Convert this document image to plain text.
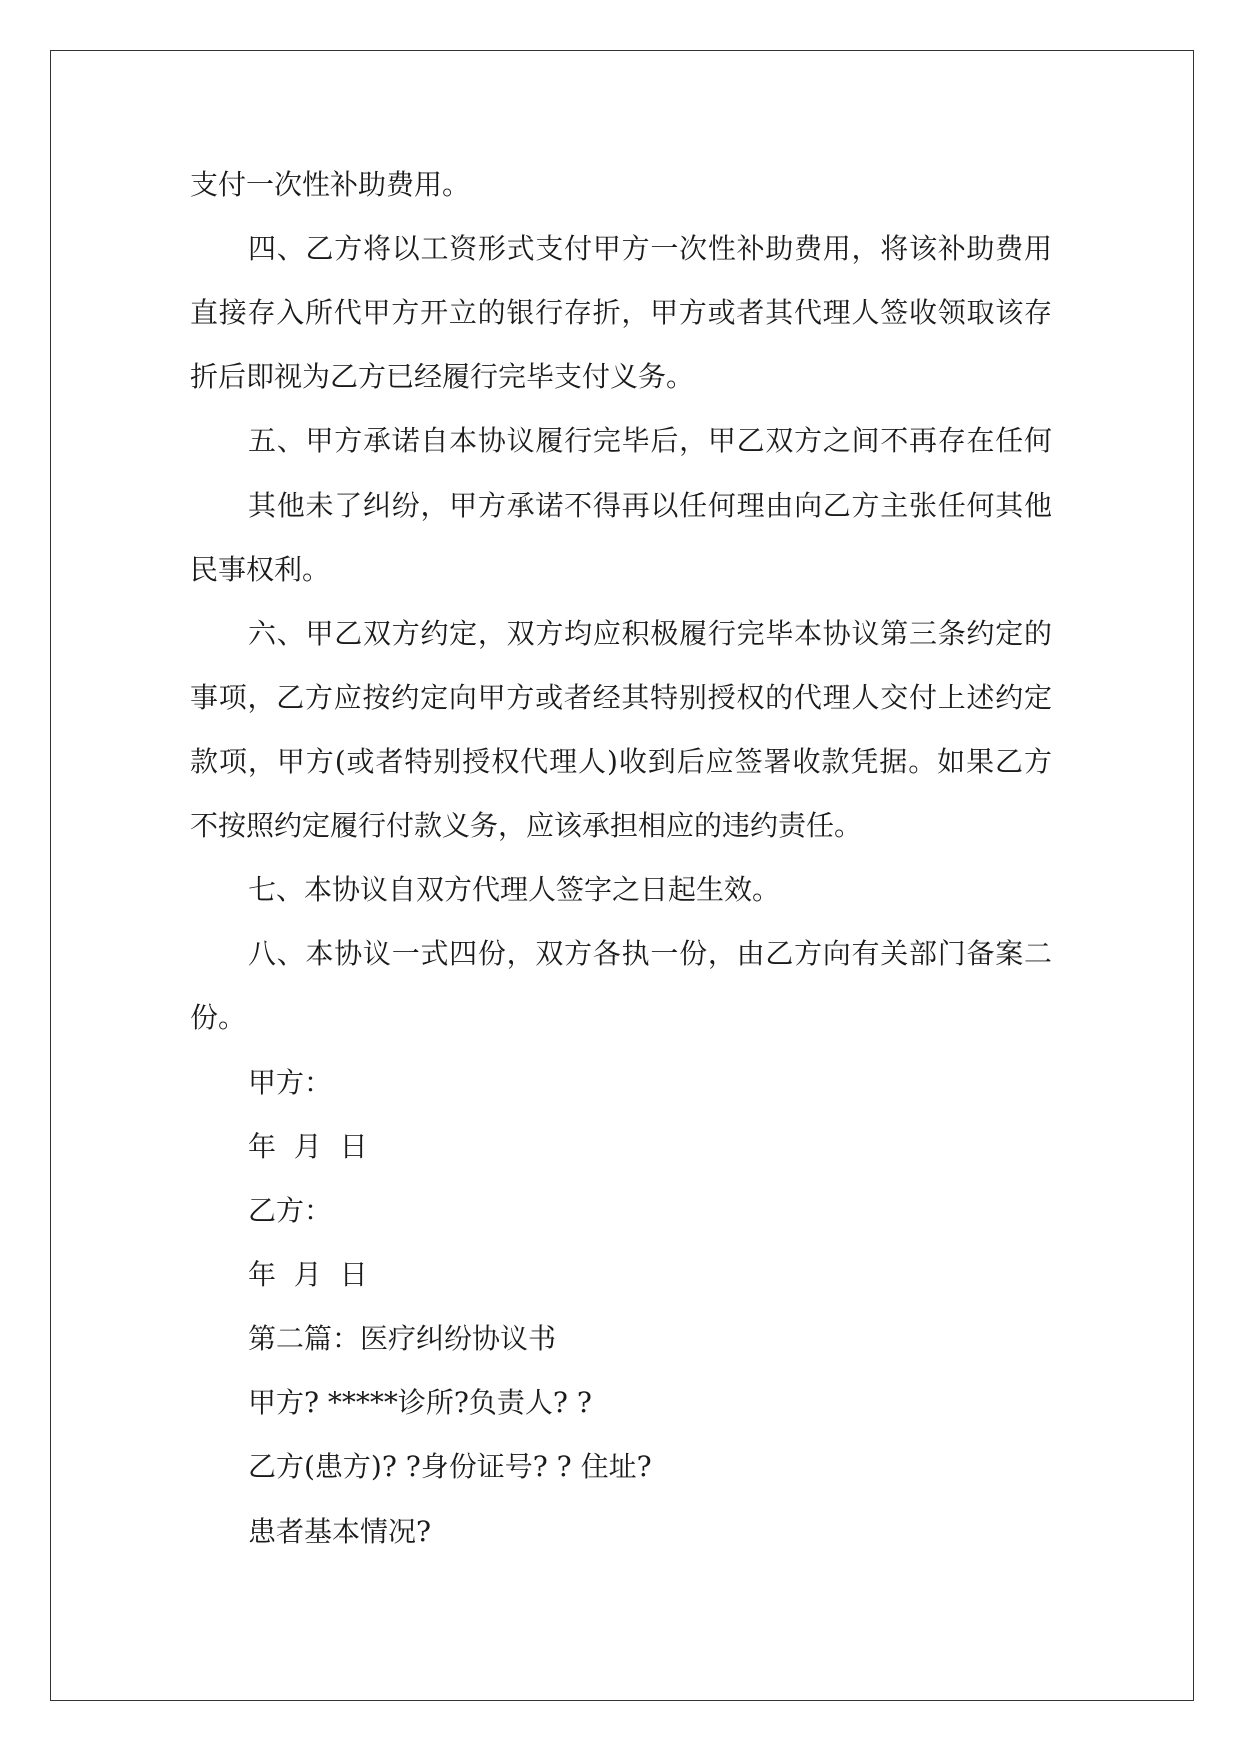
支付一次性补助费用。
四、乙方将以工资形式支付甲方一次性补助费用，将该补助费用
直接存入所代甲方开立的银行存折，甲方或者其代理人签收领取该存
折后即视为乙方已经履行完毕支付义务。
五、甲方承诺自本协议履行完毕后，甲乙双方之间不再存在任何
其他未了纠纷，甲方承诺不得再以任何理由向乙方主张任何其他
民事权利。
六、甲乙双方约定，双方均应积极履行完毕本协议第三条约定的
事项，乙方应按约定向甲方或者经其特别授权的代理人交付上述约定
款项，甲方(或者特别授权代理人)收到后应签署收款凭据。如果乙方
不按照约定履行付款义务，应该承担相应的违约责任。
七、本协议自双方代理人签字之日起生效。
八、本协议一式四份，双方各执一份，由乙方向有关部门备案二
份。
甲方：
年  月  日
乙方：
年  月  日
第二篇：医疗纠纷协议书
甲方? *****诊所?负责人? ?
乙方(患方)? ?身份证号? ? 住址?
患者基本情况?
